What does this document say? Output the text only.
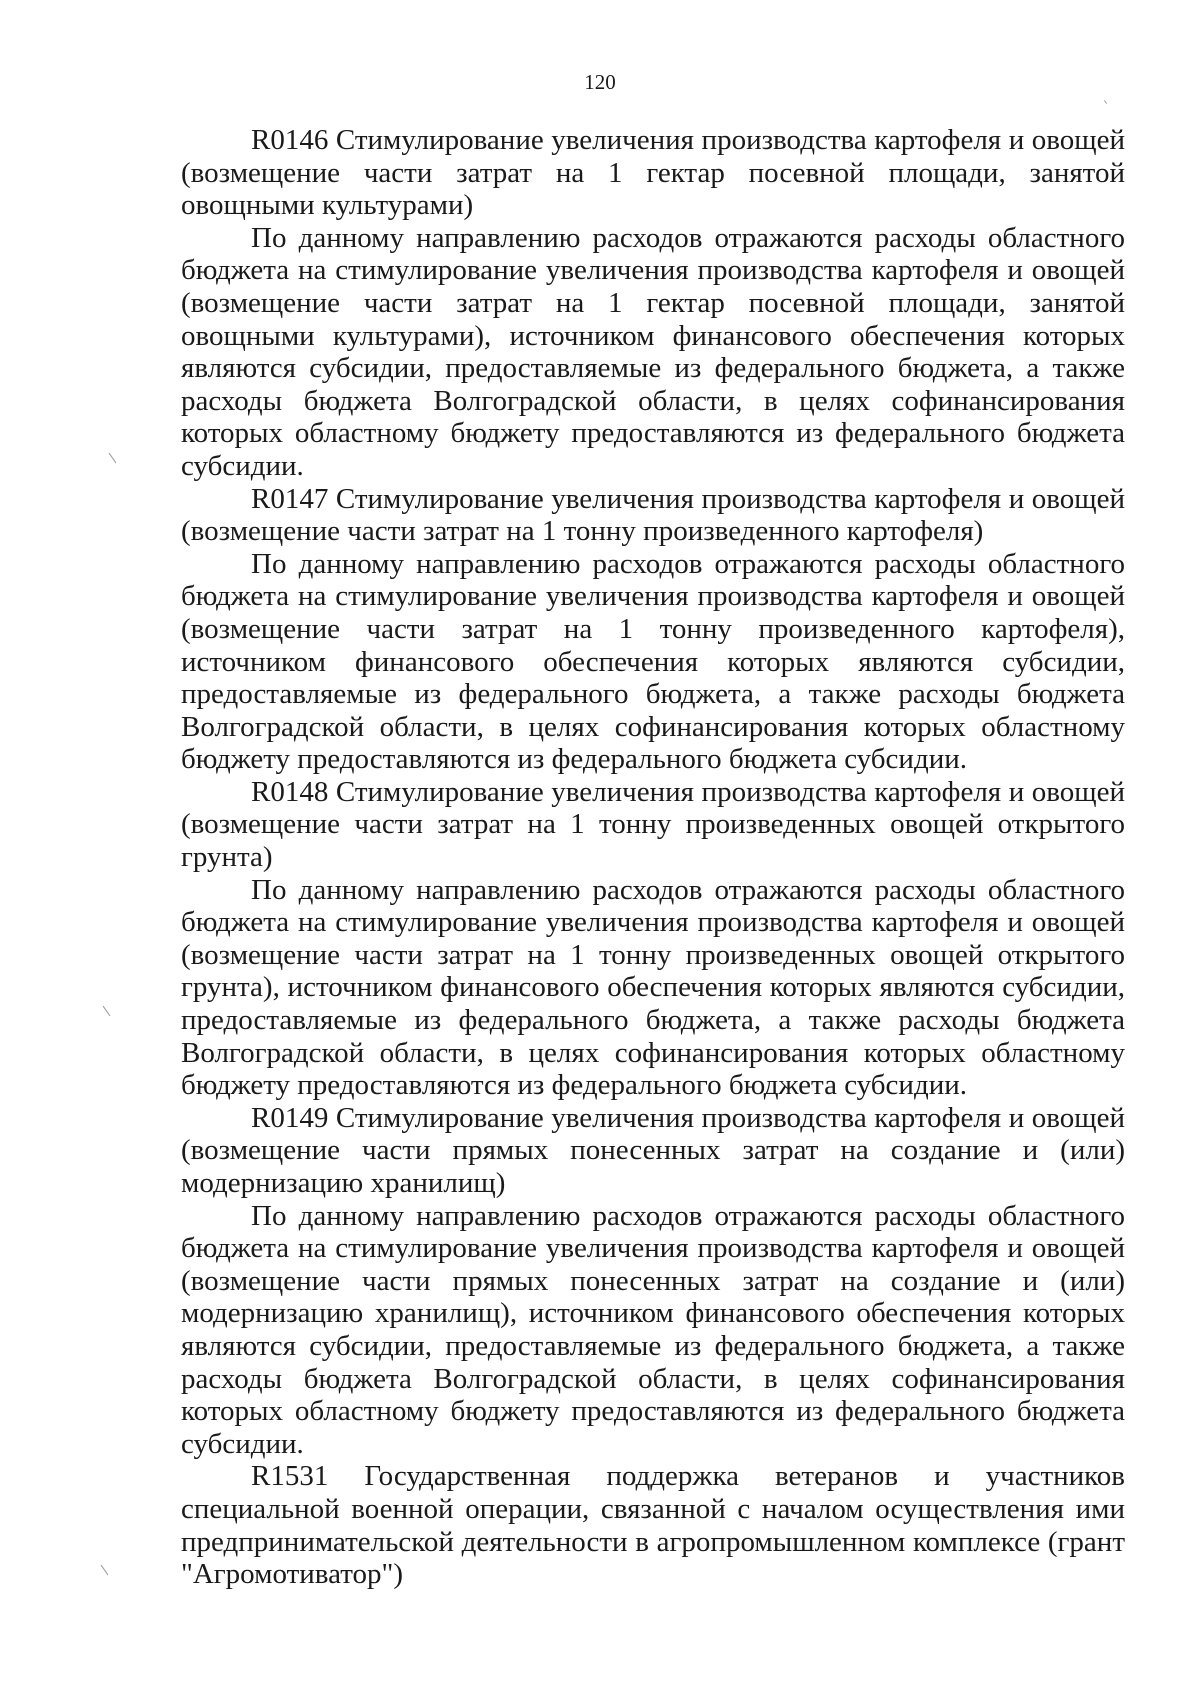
120

R0146 Стимулирование увеличения производства картофеля и овощей (возмещение части затрат на 1 гектар посевной площади, занятой овощными культурами)

По данному направлению расходов отражаются расходы областного бюджета на стимулирование увеличения производства картофеля и овощей (возмещение части затрат на 1 гектар посевной площади, занятой овощными культурами), источником финансового обеспечения которых являются субсидии, предоставляемые из федерального бюджета, а также расходы бюджета Волгоградской области, в целях софинансирования которых областному бюджету предоставляются из федерального бюджета субсидии.

R0147 Стимулирование увеличения производства картофеля и овощей (возмещение части затрат на 1 тонну произведенного картофеля)

По данному направлению расходов отражаются расходы областного бюджета на стимулирование увеличения производства картофеля и овощей (возмещение части затрат на 1 тонну произведенного картофеля), источником финансового обеспечения которых являются субсидии, предоставляемые из федерального бюджета, а также расходы бюджета Волгоградской области, в целях софинансирования которых областному бюджету предоставляются из федерального бюджета субсидии.

R0148 Стимулирование увеличения производства картофеля и овощей (возмещение части затрат на 1 тонну произведенных овощей открытого грунта)

По данному направлению расходов отражаются расходы областного бюджета на стимулирование увеличения производства картофеля и овощей (возмещение части затрат на 1 тонну произведенных овощей открытого грунта), источником финансового обеспечения которых являются субсидии, предоставляемые из федерального бюджета, а также расходы бюджета Волгоградской области, в целях софинансирования которых областному бюджету предоставляются из федерального бюджета субсидии.

R0149 Стимулирование увеличения производства картофеля и овощей (возмещение части прямых понесенных затрат на создание и (или) модернизацию хранилищ)

По данному направлению расходов отражаются расходы областного бюджета на стимулирование увеличения производства картофеля и овощей (возмещение части прямых понесенных затрат на создание и (или) модернизацию хранилищ), источником финансового обеспечения которых являются субсидии, предоставляемые из федерального бюджета, а также расходы бюджета Волгоградской области, в целях софинансирования которых областному бюджету предоставляются из федерального бюджета субсидии.

R1531 Государственная поддержка ветеранов и участников специальной военной операции, связанной с началом осуществления ими предпринимательской деятельности в агропромышленном комплексе (грант "Агромотиватор")
